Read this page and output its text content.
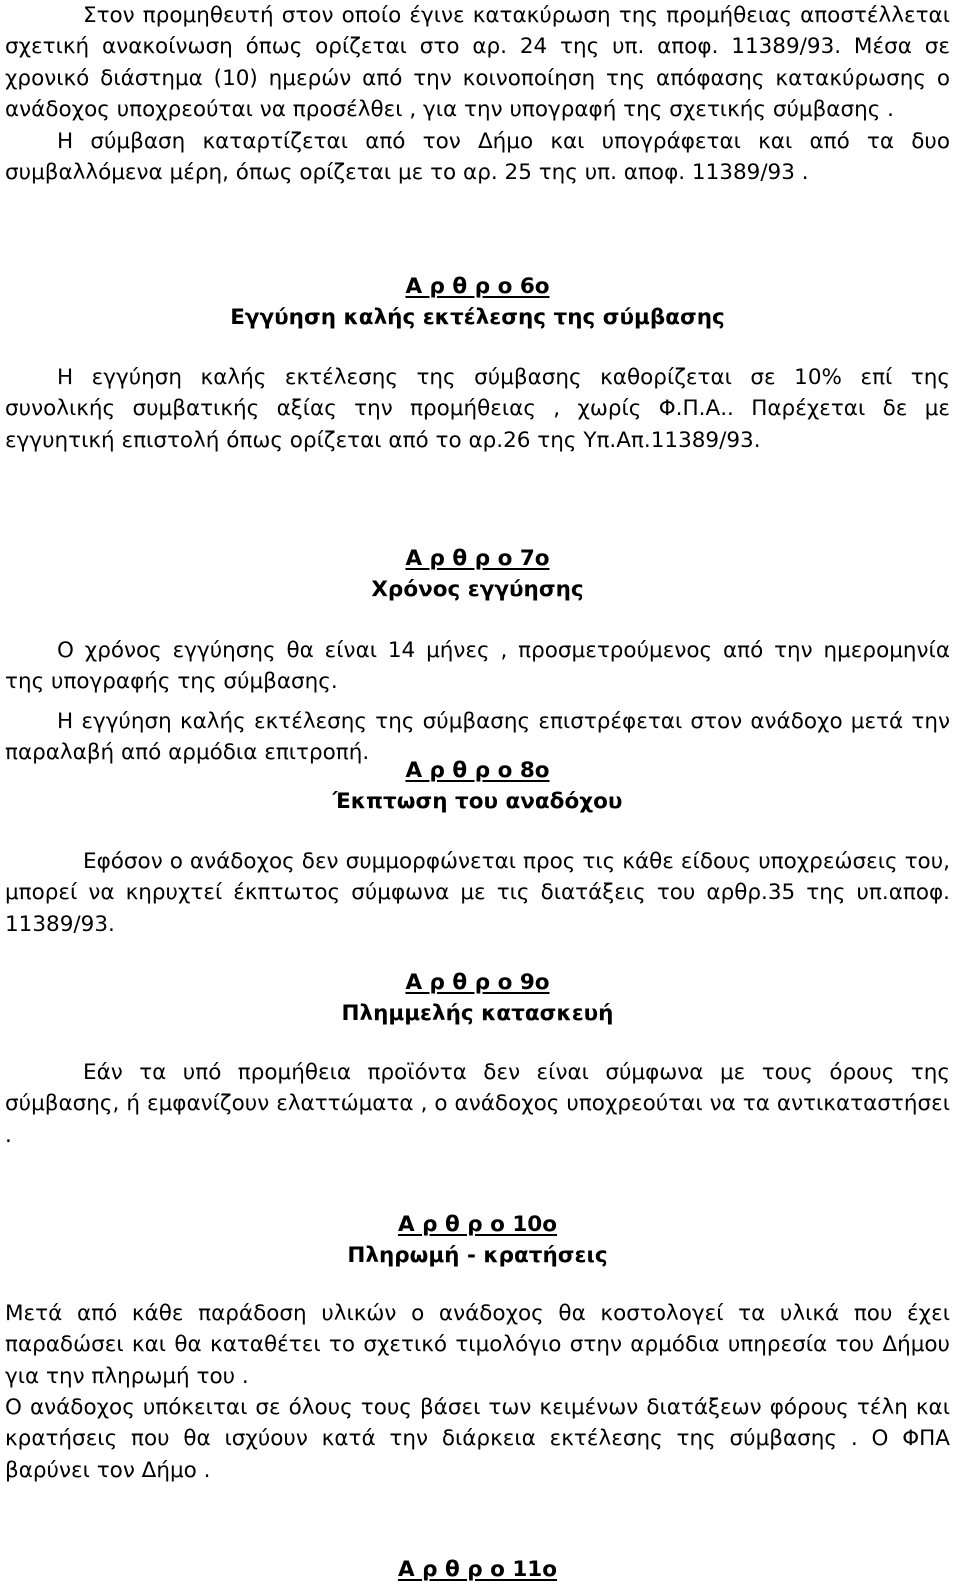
Στον προμηθευτή στον οποίο έγινε κατακύρωση της προμήθειας αποστέλλεται σχετική ανακοίνωση όπως ορίζεται στο αρ. 24 της υπ. αποφ. 11389/93. Μέσα σε χρονικό διάστημα (10) ημερών από την κοινοποίηση της απόφασης κατακύρωσης ο ανάδοχος υποχρεούται να προσέλθει , για την υπογραφή της σχετικής σύμβασης .

Η σύμβαση καταρτίζεται από τον Δήμο και υπογράφεται και από τα δυο συμβαλλόμενα μέρη, όπως ορίζεται με το αρ. 25 της υπ. αποφ. 11389/93 .

Α ρ θ ρ ο 6ο
Εγγύηση καλής εκτέλεσης της σύμβασης

Η εγγύηση καλής εκτέλεσης της σύμβασης καθορίζεται σε 10% επί της συνολικής συμβατικής αξίας την προμήθειας , χωρίς Φ.Π.Α.. Παρέχεται δε με εγγυητική επιστολή όπως ορίζεται από το αρ.26 της Υπ.Απ.11389/93.

Η εγγύηση καλής εκτέλεσης της σύμβασης επιστρέφεται στον ανάδοχο μετά την παραλαβή από αρμόδια επιτροπή.

Α ρ θ ρ ο 7ο
Χρόνος εγγύησης

Ο χρόνος εγγύησης θα είναι 14 μήνες , προσμετρούμενος από την ημερομηνία της υπογραφής της σύμβασης.

Α ρ θ ρ ο 8ο
Έκπτωση του αναδόχου

Εφόσον ο ανάδοχος δεν συμμορφώνεται προς τις κάθε είδους υποχρεώσεις του, μπορεί να κηρυχτεί έκπτωτος σύμφωνα με τις διατάξεις του αρθρ.35 της υπ.αποφ. 11389/93.

Α ρ θ ρ ο 9ο
Πλημμελής κατασκευή

Εάν τα υπό προμήθεια προϊόντα δεν είναι σύμφωνα με τους όρους της σύμβασης, ή εμφανίζουν ελαττώματα , ο ανάδοχος υποχρεούται να τα αντικαταστήσει .

Α ρ θ ρ ο 10ο
Πληρωμή - κρατήσεις

Μετά από κάθε παράδοση υλικών ο ανάδοχος θα κοστολογεί τα υλικά που έχει παραδώσει και θα καταθέτει το σχετικό τιμολόγιο στην αρμόδια υπηρεσία του Δήμου για την πληρωμή του .

Ο ανάδοχος υπόκειται σε όλους τους βάσει των κειμένων διατάξεων φόρους τέλη και κρατήσεις που θα ισχύουν κατά την διάρκεια εκτέλεσης της σύμβασης . Ο ΦΠΑ βαρύνει τον Δήμο .

Α ρ θ ρ ο 11ο
